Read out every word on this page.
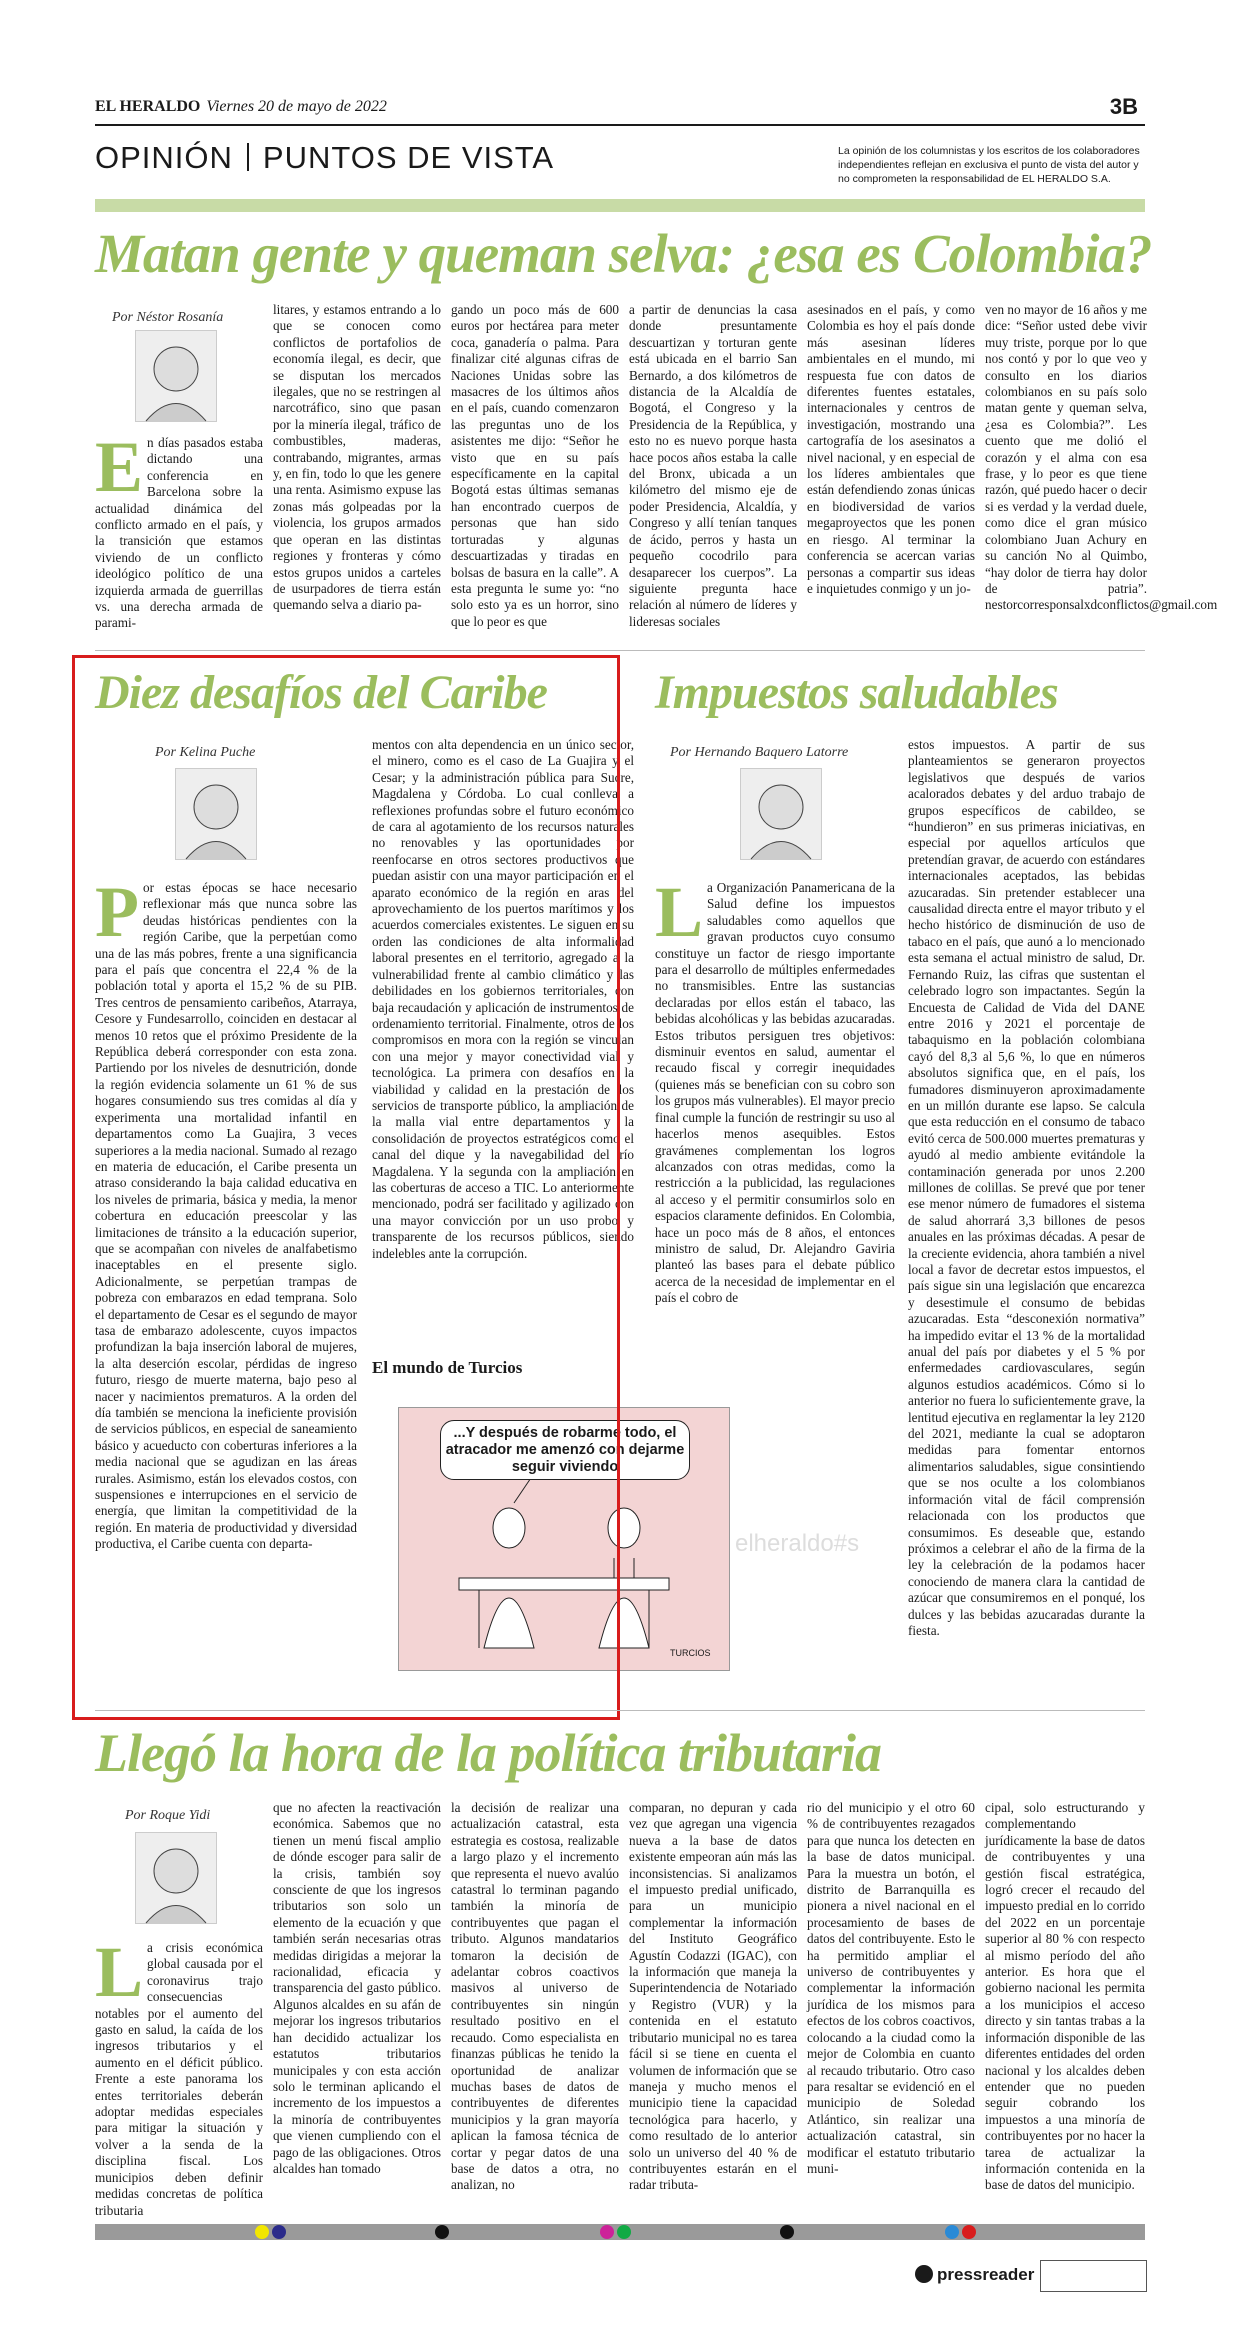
EL HERALDO Viernes 20 de mayo de 2022	3B
OPINIÓN PUNTOS DE VISTA	La opinión de los columnistas y los escritos de los colaboradores independientes reflejan en exclusiva el punto de vista del autor y no comprometen la responsabilidad de EL HERALDO S.A.
Matan gente y queman selva: ¿esa es Colombia?
Por Néstor Rosanía
En días pasados estaba dictando una conferencia en Barcelona sobre la actualidad dinámica del conflicto armado en el país, y la transición que estamos viviendo de un conflicto ideológico político de una izquierda armada de guerrillas vs. una derecha armada de parami-
litares, y estamos entrando a lo que se conocen como conflictos de portafolios de economía ilegal, es decir, que se disputan los mercados ilegales, que no se restringen al narcotráfico, sino que pasan por la minería ilegal, tráfico de combustibles, maderas, contrabando, migrantes, armas y, en fin, todo lo que les genere una renta. Asimismo expuse las zonas más golpeadas por la violencia, los grupos armados que operan en las distintas regiones y fronteras y cómo estos grupos unidos a carteles de usurpadores de tierra están quemando selva a diario pa-
gando un poco más de 600 euros por hectárea para meter coca, ganadería o palma. Para finalizar cité algunas cifras de Naciones Unidas sobre las masacres de los últimos años en el país, cuando comenzaron las preguntas uno de los asistentes me dijo: “Señor he visto que en su país específicamente en la capital Bogotá estas últimas semanas han encontrado cuerpos de personas que han sido torturadas y algunas descuartizadas y tiradas en bolsas de basura en la calle”. A esta pregunta le sume yo: “no solo esto ya es un horror, sino que lo peor es que
a partir de denuncias la casa donde presuntamente descuartizan y torturan gente está ubicada en el barrio San Bernardo, a dos kilómetros de distancia de la Alcaldía de Bogotá, el Congreso y la Presidencia de la República, y esto no es nuevo porque hasta hace pocos años estaba la calle del Bronx, ubicada a un kilómetro del mismo eje de poder Presidencia, Alcaldía, y Congreso y allí tenían tanques de ácido, perros y hasta un pequeño cocodrilo para desaparecer los cuerpos”. La siguiente pregunta hace relación al número de líderes y lideresas sociales
asesinados en el país, y como Colombia es hoy el país donde más asesinan líderes ambientales en el mundo, mi respuesta fue con datos de diferentes fuentes estatales, internacionales y centros de investigación, mostrando una cartografía de los asesinatos a nivel nacional, y en especial de los líderes ambientales que están defendiendo zonas únicas en biodiversidad de varios megaproyectos que les ponen en riesgo. Al terminar la conferencia se acercan varias personas a compartir sus ideas e inquietudes conmigo y un jo-
ven no mayor de 16 años y me dice: “Señor usted debe vivir muy triste, porque por lo que nos contó y por lo que veo y consulto en los diarios colombianos en su país solo matan gente y queman selva, ¿esa es Colombia?”. Les cuento que me dolió el corazón y el alma con esa frase, y lo peor es que tiene razón, qué puedo hacer o decir si es verdad y la verdad duele, como dice el gran músico colombiano Juan Achury en su canción No al Quimbo, “hay dolor de tierra hay dolor de patria”. nestorcorresponsalxdconflictos@gmail.com
Diez desafíos del Caribe
Por Kelina Puche
Por estas épocas se hace necesario reflexionar más que nunca sobre las deudas históricas pendientes con la región Caribe, que la perpetúan como una de las más pobres, frente a una significancia para el país que concentra el 22,4 % de la población total y aporta el 15,2 % de su PIB. Tres centros de pensamiento caribeños, Atarraya, Cesore y Fundesarrollo, coinciden en destacar al menos 10 retos que el próximo Presidente de la República deberá corresponder con esta zona. Partiendo por los niveles de desnutrición, donde la región evidencia solamente un 61 % de sus hogares consumiendo sus tres comidas al día y experimenta una mortalidad infantil en departamentos como La Guajira, 3 veces superiores a la media nacional. Sumado al rezago en materia de educación, el Caribe presenta un atraso considerando la baja calidad educativa en los niveles de primaria, básica y media, la menor cobertura en educación preescolar y las limitaciones de tránsito a la educación superior, que se acompañan con niveles de analfabetismo inaceptables en el presente siglo. Adicionalmente, se perpetúan trampas de pobreza con embarazos en edad temprana. Solo el departamento de Cesar es el segundo de mayor tasa de embarazo adolescente, cuyos impactos profundizan la baja inserción laboral de mujeres, la alta deserción escolar, pérdidas de ingreso futuro, riesgo de muerte materna, bajo peso al nacer y nacimientos prematuros. A la orden del día también se menciona la ineficiente provisión de servicios públicos, en especial de saneamiento básico y acueducto con coberturas inferiores a la media nacional que se agudizan en las áreas rurales. Asimismo, están los elevados costos, con suspensiones e interrupciones en el servicio de energía, que limitan la competitividad de la región. En materia de productividad y diversidad productiva, el Caribe cuenta con departa-
mentos con alta dependencia en un único sector, el minero, como es el caso de La Guajira y el Cesar; y la administración pública para Sucre, Magdalena y Córdoba. Lo cual conlleva a reflexiones profundas sobre el futuro económico de cara al agotamiento de los recursos naturales no renovables y las oportunidades por reenfocarse en otros sectores productivos que puedan asistir con una mayor participación en el aparato económico de la región en aras del aprovechamiento de los puertos marítimos y los acuerdos comerciales existentes. Le siguen en su orden las condiciones de alta informalidad laboral presentes en el territorio, agregado a la vulnerabilidad frente al cambio climático y las debilidades en los gobiernos territoriales, con baja recaudación y aplicación de instrumentos de ordenamiento territorial. Finalmente, otros de los compromisos en mora con la región se vinculan con una mejor y mayor conectividad vial y tecnológica. La primera con desafíos en la viabilidad y calidad en la prestación de los servicios de transporte público, la ampliación de la malla vial entre departamentos y la consolidación de proyectos estratégicos como el canal del dique y la navegabilidad del río Magdalena. Y la segunda con la ampliación en las coberturas de acceso a TIC. Lo anteriormente mencionado, podrá ser facilitado y agilizado con una mayor convicción por un uso probo y transparente de los recursos públicos, siendo indelebles ante la corrupción.
El mundo de Turcios
...Y después de robarme todo, el atracador me amenzó con dejarme seguir viviendo
TURCIOS
elheraldo#s
Impuestos saludables
Por Hernando Baquero Latorre
La Organización Panamericana de la Salud define los impuestos saludables como aquellos que gravan productos cuyo consumo constituye un factor de riesgo importante para el desarrollo de múltiples enfermedades no transmisibles. Entre las sustancias declaradas por ellos están el tabaco, las bebidas alcohólicas y las bebidas azucaradas. Estos tributos persiguen tres objetivos: disminuir eventos en salud, aumentar el recaudo fiscal y corregir inequidades (quienes más se benefician con su cobro son los grupos más vulnerables). El mayor precio final cumple la función de restringir su uso al hacerlos menos asequibles. Estos gravámenes complementan los logros alcanzados con otras medidas, como la restricción a la publicidad, las regulaciones al acceso y el permitir consumirlos solo en espacios claramente definidos. En Colombia, hace un poco más de 8 años, el entonces ministro de salud, Dr. Alejandro Gaviria planteó las bases para el debate público acerca de la necesidad de implementar en el país el cobro de
estos impuestos. A partir de sus planteamientos se generaron proyectos legislativos que después de varios acalorados debates y del arduo trabajo de grupos específicos de cabildeo, se “hundieron” en sus primeras iniciativas, en especial por aquellos artículos que pretendían gravar, de acuerdo con estándares internacionales aceptados, las bebidas azucaradas. Sin pretender establecer una causalidad directa entre el mayor tributo y el hecho histórico de disminución de uso de tabaco en el país, que aunó a lo mencionado esta semana el actual ministro de salud, Dr. Fernando Ruiz, las cifras que sustentan el celebrado logro son impactantes. Según la Encuesta de Calidad de Vida del DANE entre 2016 y 2021 el porcentaje de tabaquismo en la población colombiana cayó del 8,3 al 5,6 %, lo que en números absolutos significa que, en el país, los fumadores disminuyeron aproximadamente en un millón durante ese lapso. Se calcula que esta reducción en el consumo de tabaco evitó cerca de 500.000 muertes prematuras y ayudó al medio ambiente evitándole la contaminación generada por unos 2.200 millones de colillas. Se prevé que por tener ese menor número de fumadores el sistema de salud ahorrará 3,3 billones de pesos anuales en las próximas décadas. A pesar de la creciente evidencia, ahora también a nivel local a favor de decretar estos impuestos, el país sigue sin una legislación que encarezca y desestimule el consumo de bebidas azucaradas. Esta “desconexión normativa” ha impedido evitar el 13 % de la mortalidad anual del país por diabetes y el 5 % por enfermedades cardiovasculares, según algunos estudios académicos. Cómo si lo anterior no fuera lo suficientemente grave, la lentitud ejecutiva en reglamentar la ley 2120 del 2021, mediante la cual se adoptaron medidas para fomentar entornos alimentarios saludables, sigue consintiendo que se nos oculte a los colombianos información vital de fácil comprensión relacionada con los productos que consumimos. Es deseable que, estando próximos a celebrar el año de la firma de la ley la celebración de la podamos hacer conociendo de manera clara la cantidad de azúcar que consumiremos en el ponqué, los dulces y las bebidas azucaradas durante la fiesta.
Llegó la hora de la política tributaria
Por Roque Yidi
La crisis económica global causada por el coronavirus trajo consecuencias notables por el aumento del gasto en salud, la caída de los ingresos tributarios y el aumento en el déficit público. Frente a este panorama los entes territoriales deberán adoptar medidas especiales para mitigar la situación y volver a la senda de la disciplina fiscal. Los municipios deben definir medidas concretas de política tributaria
que no afecten la reactivación económica. Sabemos que no tienen un menú fiscal amplio de dónde escoger para salir de la crisis, también soy consciente de que los ingresos tributarios son solo un elemento de la ecuación y que también serán necesarias otras medidas dirigidas a mejorar la racionalidad, eficacia y transparencia del gasto público. Algunos alcaldes en su afán de mejorar los ingresos tributarios han decidido actualizar los estatutos tributarios municipales y con esta acción solo le terminan aplicando el incremento de los impuestos a la minoría de contribuyentes que vienen cumpliendo con el pago de las obligaciones. Otros alcaldes han tomado
la decisión de realizar una actualización catastral, esta estrategia es costosa, realizable a largo plazo y el incremento que representa el nuevo avalúo catastral lo terminan pagando también la minoría de contribuyentes que pagan el tributo. Algunos mandatarios tomaron la decisión de adelantar cobros coactivos masivos al universo de contribuyentes sin ningún resultado positivo en el recaudo. Como especialista en finanzas públicas he tenido la oportunidad de analizar muchas bases de datos de contribuyentes de diferentes municipios y la gran mayoría aplican la famosa técnica de cortar y pegar datos de una base de datos a otra, no analizan, no
comparan, no depuran y cada vez que agregan una vigencia nueva a la base de datos existente empeoran aún más las inconsistencias. Si analizamos el impuesto predial unificado, para un municipio complementar la información del Instituto Geográfico Agustín Codazzi (IGAC), con la información que maneja la Superintendencia de Notariado y Registro (VUR) y la contenida en el estatuto tributario municipal no es tarea fácil si se tiene en cuenta el volumen de información que se maneja y mucho menos el municipio tiene la capacidad tecnológica para hacerlo, y como resultado de lo anterior solo un universo del 40 % de contribuyentes estarán en el radar tributa-
rio del municipio y el otro 60 % de contribuyentes rezagados para que nunca los detecten en la base de datos municipal. Para la muestra un botón, el distrito de Barranquilla es pionera a nivel nacional en el procesamiento de bases de datos del contribuyente. Esto le ha permitido ampliar el universo de contribuyentes y complementar la información jurídica de los mismos para efectos de los cobros coactivos, colocando a la ciudad como la mejor de Colombia en cuanto al recaudo tributario. Otro caso para resaltar se evidenció en el municipio de Soledad Atlántico, sin realizar una actualización catastral, sin modificar el estatuto tributario muni-
cipal, solo estructurando y complementando jurídicamente la base de datos de contribuyentes y una gestión fiscal estratégica, logró crecer el recaudo del impuesto predial en lo corrido del 2022 en un porcentaje superior al 80 % con respecto al mismo período del año anterior. Es hora que el gobierno nacional les permita a los municipios el acceso directo y sin tantas trabas a la información disponible de las diferentes entidades del orden nacional y los alcaldes deben entender que no pueden seguir cobrando los impuestos a una minoría de contribuyentes por no hacer la tarea de actualizar la información contenida en la base de datos del municipio.
pressreader
